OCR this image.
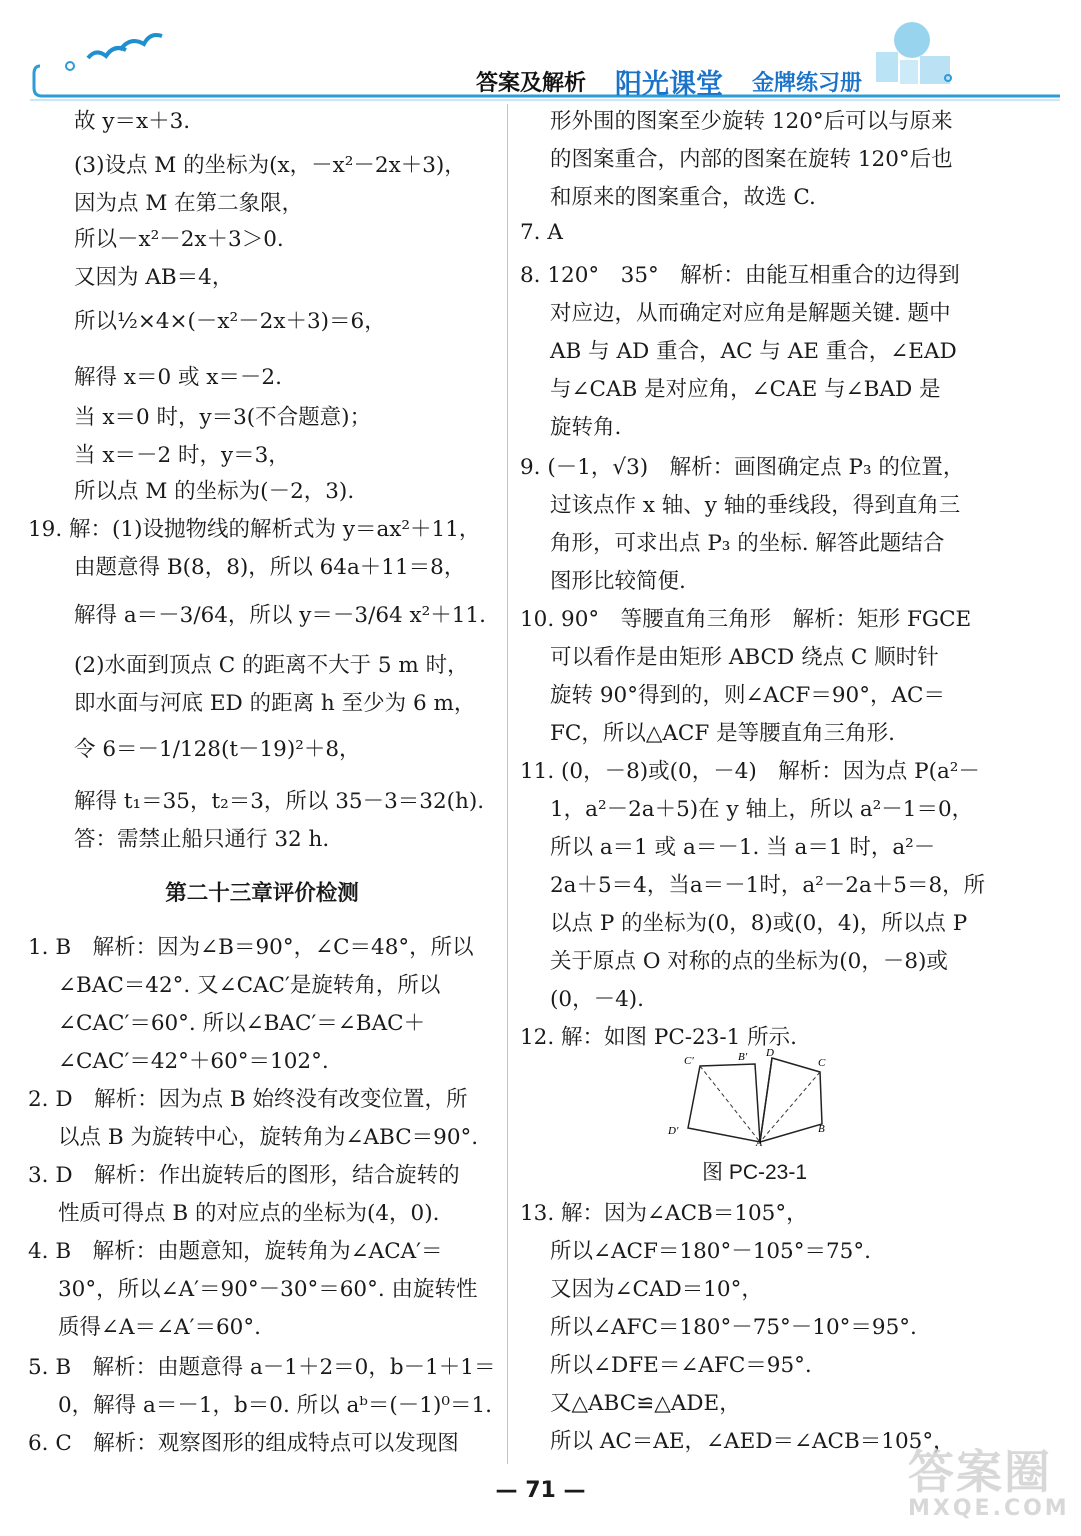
答案及解析 阳光课堂 金牌练习册
故 y＝x＋3.
(3)设点 M 的坐标为(x，－x²－2x＋3)，
因为点 M 在第二象限，
所以－x²－2x＋3＞0.
又因为 AB＝4，
所以½×4×(－x²－2x＋3)＝6，
解得 x＝0 或 x＝－2.
当 x＝0 时，y＝3(不合题意)；
当 x＝－2 时，y＝3，
所以点 M 的坐标为(－2，3).
19. 解：(1)设抛物线的解析式为 y＝ax²＋11，
由题意得 B(8，8)，所以 64a＋11＝8，
解得 a＝－3/64，所以 y＝－3/64 x²＋11.
(2)水面到顶点 C 的距离不大于 5 m 时，
即水面与河底 ED 的距离 h 至少为 6 m，
令 6＝－1/128(t－19)²＋8，
解得 t₁＝35，t₂＝3，所以 35－3＝32(h).
答：需禁止船只通行 32 h.
第二十三章评价检测
1. B　解析：因为∠B＝90°，∠C＝48°，所以
∠BAC＝42°. 又∠CAC′是旋转角，所以
∠CAC′＝60°. 所以∠BAC′＝∠BAC＋
∠CAC′＝42°＋60°＝102°.
2. D　解析：因为点 B 始终没有改变位置，所
以点 B 为旋转中心，旋转角为∠ABC＝90°.
3. D　解析：作出旋转后的图形，结合旋转的
性质可得点 B 的对应点的坐标为(4，0).
4. B　解析：由题意知，旋转角为∠ACA′＝
30°，所以∠A′＝90°－30°＝60°. 由旋转性
质得∠A＝∠A′＝60°.
5. B　解析：由题意得 a－1＋2＝0，b－1＋1＝
0，解得 a＝－1，b＝0. 所以 aᵇ＝(－1)⁰＝1.
6. C　解析：观察图形的组成特点可以发现图
形外围的图案至少旋转 120°后可以与原来
的图案重合，内部的图案在旋转 120°后也
和原来的图案重合，故选 C.
7. A
8. 120°　35°　解析：由能互相重合的边得到
对应边，从而确定对应角是解题关键. 题中
AB 与 AD 重合，AC 与 AE 重合，∠EAD
与∠CAB 是对应角，∠CAE 与∠BAD 是
旋转角.
9. (－1，√3)　解析：画图确定点 P₃ 的位置，
过该点作 x 轴、y 轴的垂线段，得到直角三
角形，可求出点 P₃ 的坐标. 解答此题结合
图形比较简便.
10. 90°　等腰直角三角形　解析：矩形 FGCE
可以看作是由矩形 ABCD 绕点 C 顺时针
旋转 90°得到的，则∠ACF＝90°，AC＝
FC，所以△ACF 是等腰直角三角形.
11. (0，－8)或(0，－4)　解析：因为点 P(a²－
1，a²－2a＋5)在 y 轴上，所以 a²－1＝0，
所以 a＝1 或 a＝－1. 当 a＝1 时，a²－
2a＋5＝4，当a＝－1时，a²－2a＋5＝8，所
以点 P 的坐标为(0，8)或(0，4)，所以点 P
关于原点 O 对称的点的坐标为(0，－8)或
(0，－4).
12. 解：如图 PC-23-1 所示.
C′	B′ D
C
D′	B
A
图 PC-23-1
13. 解：因为∠ACB＝105°，
所以∠ACF＝180°－105°＝75°.
又因为∠CAD＝10°，
所以∠AFC＝180°－75°－10°＝95°.
所以∠DFE＝∠AFC＝95°.
又△ABC≌△ADE，
所以 AC＝AE，∠AED＝∠ACB＝105°，
— 71 —	答案圈
MXQE.COM
